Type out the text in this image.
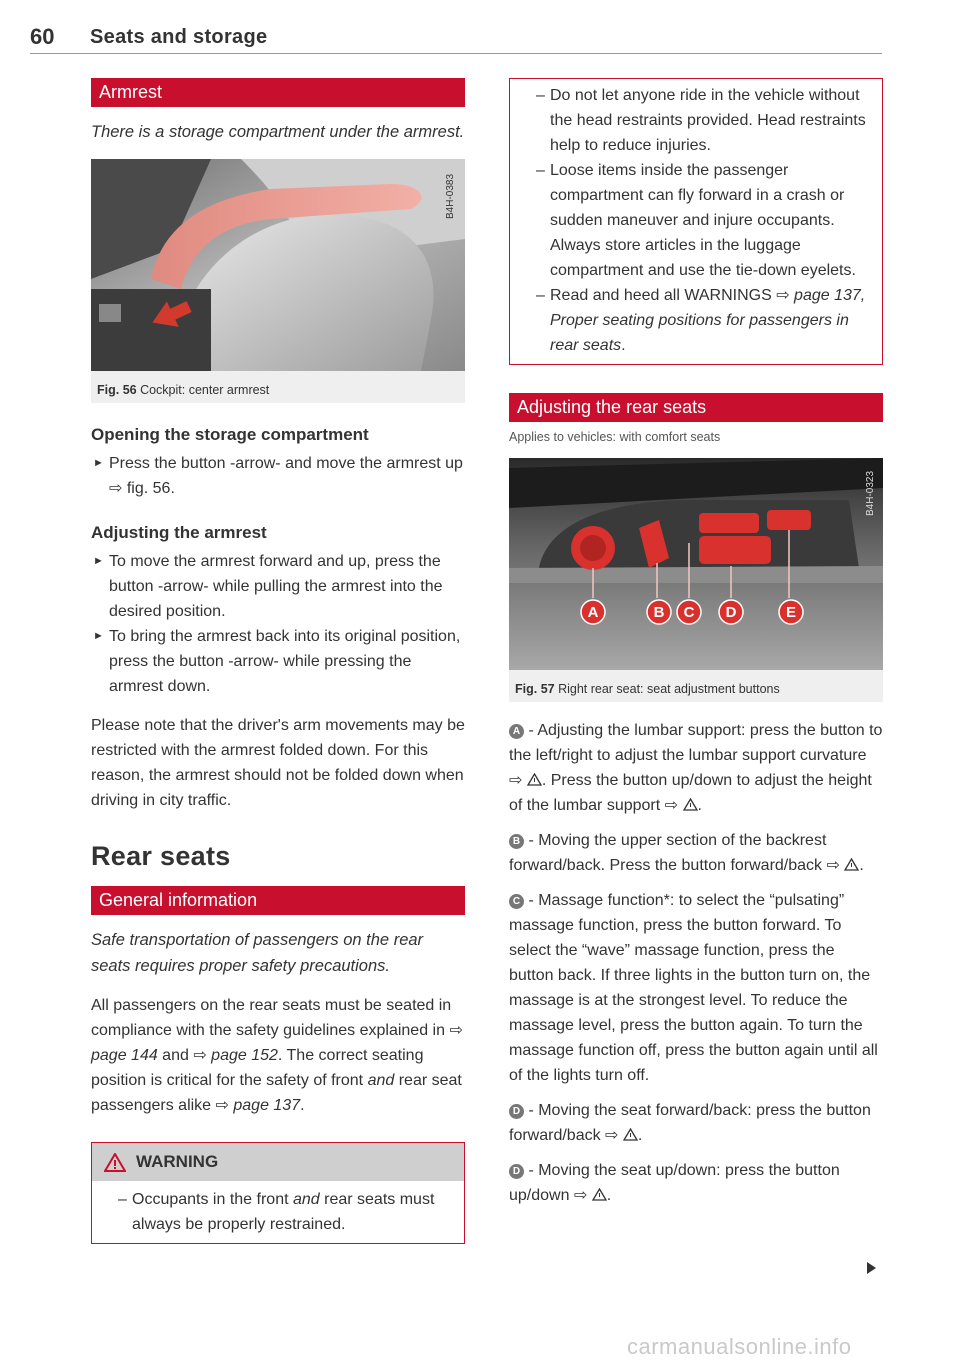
60 Seats and storage
Armrest
There is a storage compartment under the armrest.
B4H-0383
Fig. 56 Cockpit: center armrest
Opening the storage compartment
► Press the button -arrow- and move the armrest up ⇨ fig. 56.
Adjusting the armrest
► To move the armrest forward and up, press the button -arrow- while pulling the armrest into the desired position.
► To bring the armrest back into its original position, press the button -arrow- while pressing the armrest down.
Please note that the driver's arm movements may be restricted with the armrest folded down. For this reason, the armrest should not be folded down when driving in city traffic.
Rear seats
General information
Safe transportation of passengers on the rear seats requires proper safety precautions.
All passengers on the rear seats must be seated in compliance with the safety guidelines explained in ⇨ page 144 and ⇨ page 152. The correct seating position is critical for the safety of front and rear seat passengers alike ⇨ page 137.
WARNING
– Occupants in the front and rear seats must always be properly restrained.
– Do not let anyone ride in the vehicle without the head restraints provided. Head restraints help to reduce injuries.
– Loose items inside the passenger compartment can fly forward in a crash or sudden maneuver and injure occupants. Always store articles in the luggage compartment and use the tie-down eyelets.
– Read and heed all WARNINGS ⇨ page 137, Proper seating positions for passengers in rear seats.
Adjusting the rear seats
Applies to vehicles: with comfort seats
A	B C D	E
B4H-0323
Fig. 57 Right rear seat: seat adjustment buttons
A - Adjusting the lumbar support: press the button to the left/right to adjust the lumbar support curvature ⇨ . Press the button up/down to adjust the height of the lumbar support ⇨ .
B - Moving the upper section of the backrest forward/back. Press the button forward/back ⇨ .
C - Massage function*: to select the “pulsating” massage function, press the button forward. To select the “wave” massage function, press the button back. If three lights in the button turn on, the massage is at the strongest level. To reduce the massage level, press the button again. To turn the massage function off, press the button again until all of the lights turn off.
D - Moving the seat forward/back: press the button forward/back ⇨ .
D - Moving the seat up/down: press the button up/down ⇨ .
carmanualsonline.info
